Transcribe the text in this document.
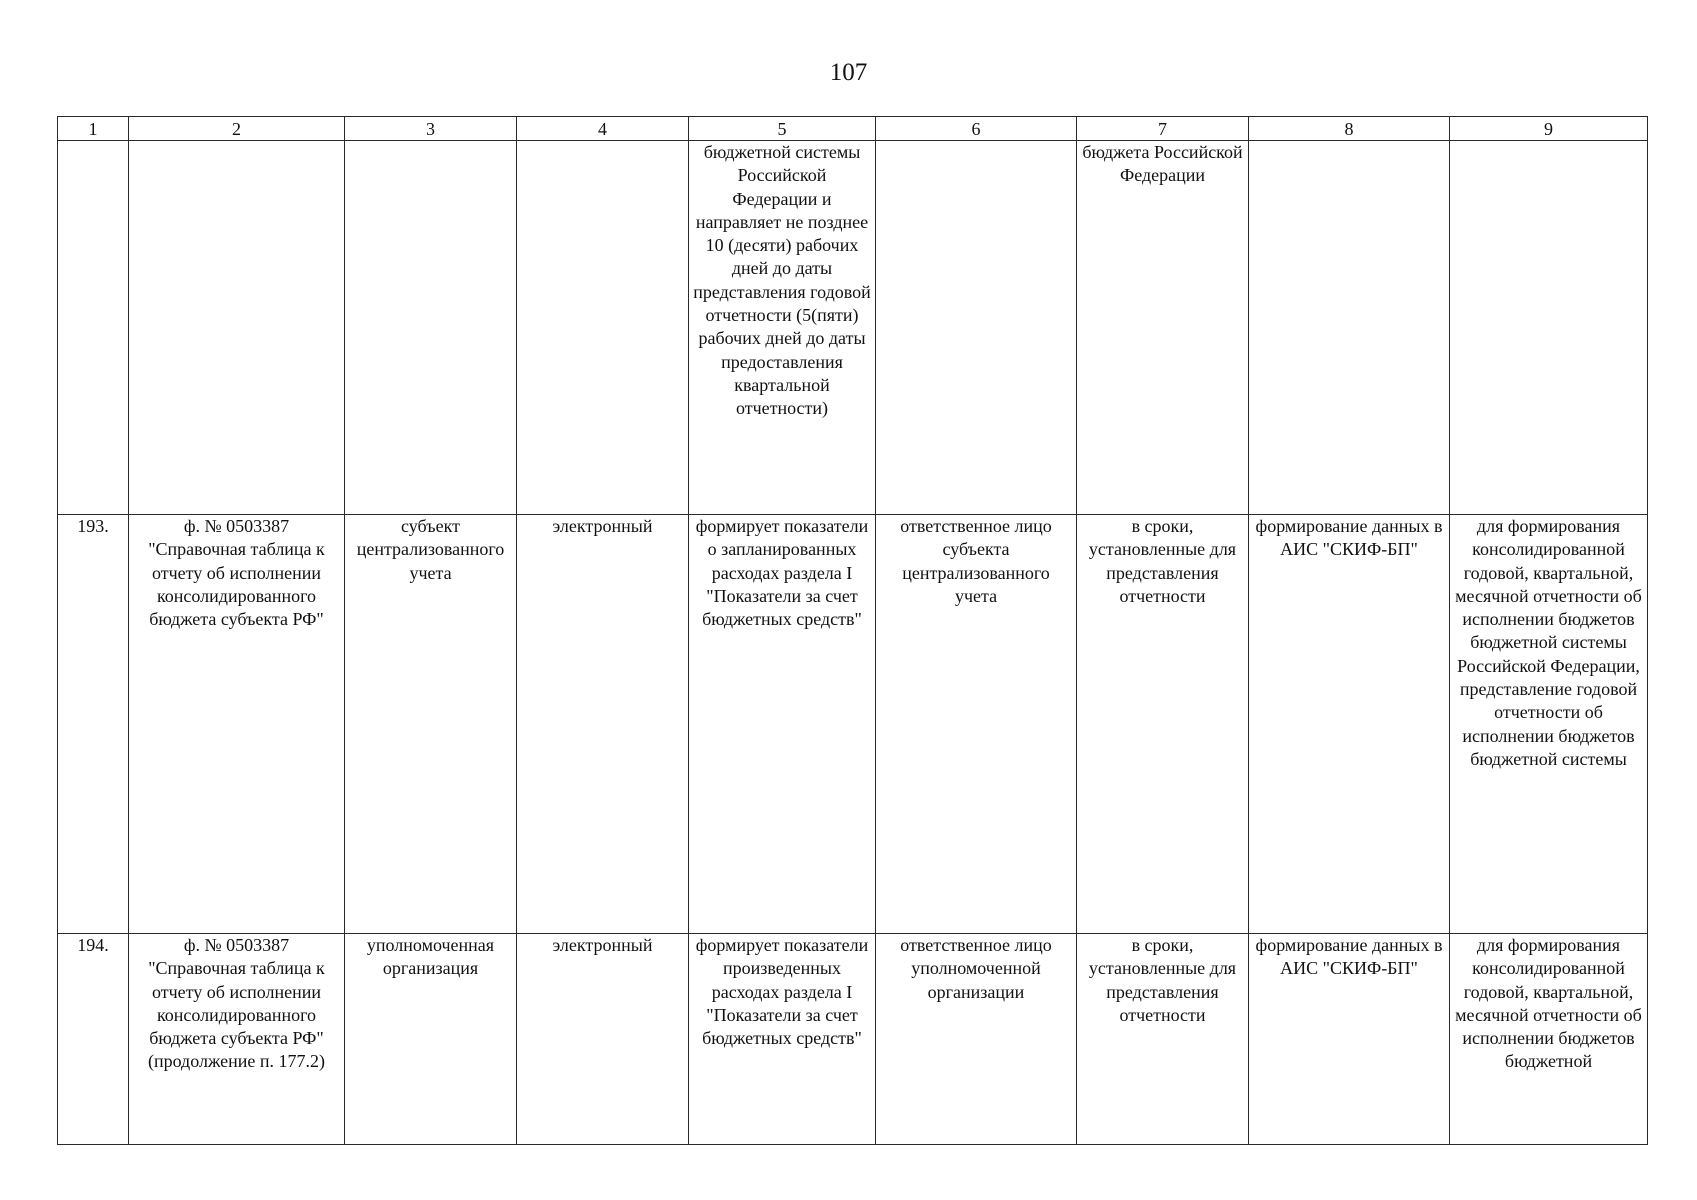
107
1	2	3	4	5	6	7	8	9
				бюджетной системы Российской Федерации и направляет не позднее 10 (десяти) рабочих дней до даты представления годовой отчетности (5(пяти) рабочих дней до даты предоставления квартальной отчетности)		бюджета Российской Федерации		
193.	ф. № 0503387 "Справочная таблица к отчету об исполнении консолидированного бюджета субъекта РФ"	субъект централизованного учета	электронный	формирует показатели о запланированных расходах раздела I "Показатели за счет бюджетных средств"	ответственное лицо субъекта централизованного учета	в сроки, установленные для представления отчетности	формирование данных в АИС "СКИФ-БП"	для формирования консолидированной годовой, квартальной, месячной отчетности об исполнении бюджетов бюджетной системы Российской Федерации, представление годовой отчетности об исполнении бюджетов бюджетной системы
194.	ф. № 0503387 "Справочная таблица к отчету об исполнении консолидированного бюджета субъекта РФ" (продолжение п. 177.2)	уполномоченная организация	электронный	формирует показатели произведенных расходах раздела I "Показатели за счет бюджетных средств"	ответственное лицо уполномоченной организации	в сроки, установленные для представления отчетности	формирование данных в АИС "СКИФ-БП"	для формирования консолидированной годовой, квартальной, месячной отчетности об исполнении бюджетов бюджетной
